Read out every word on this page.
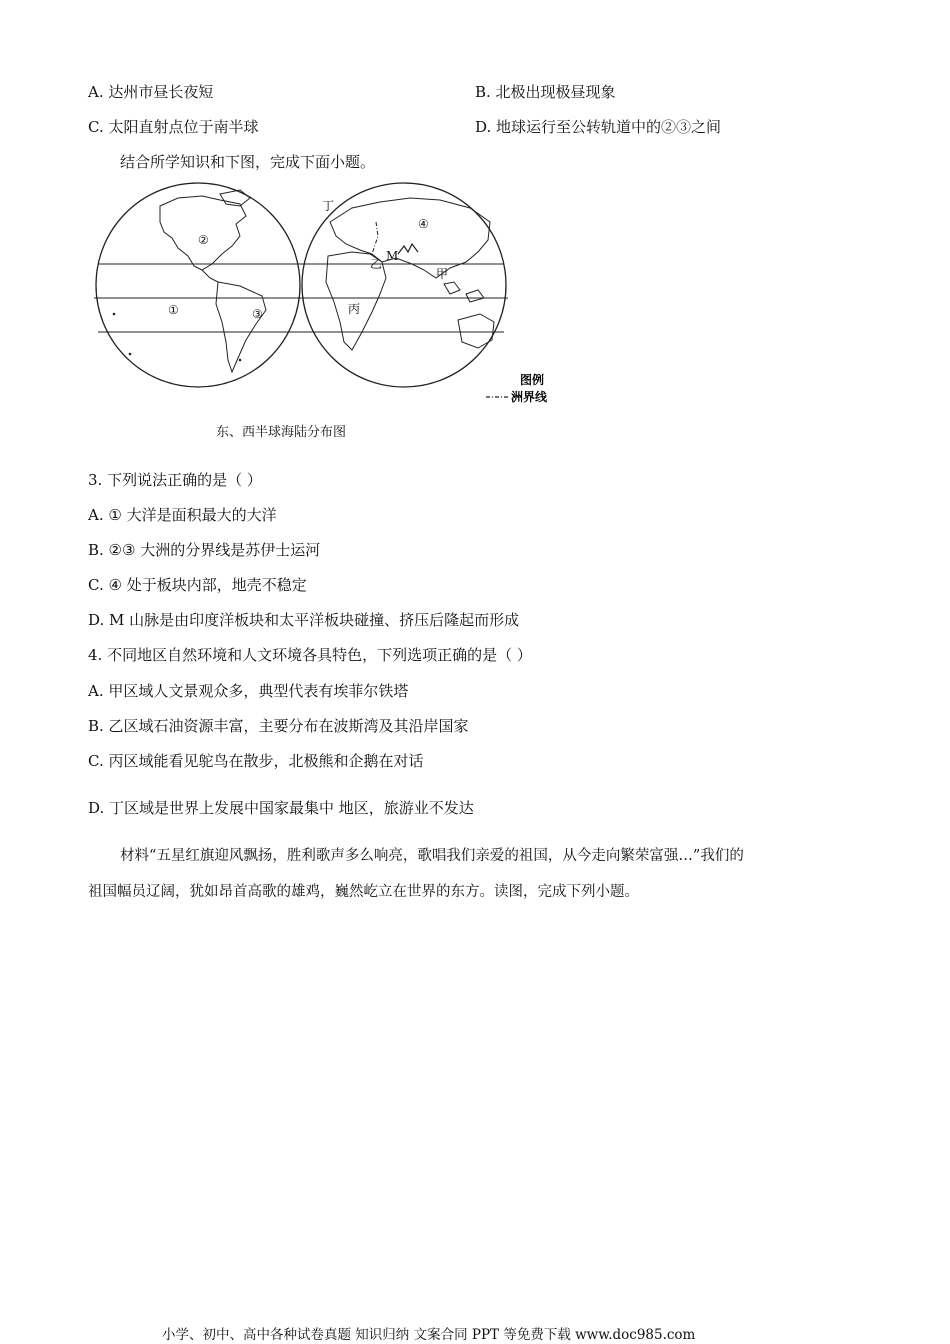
A. 达州市昼长夜短	B. 北极出现极昼现象
C. 太阳直射点位于南半球	D. 地球运行至公转轨道中的②③之间
结合所学知识和下图，完成下面小题。
丁
④
②
乙
M
甲
①	③	丙
图例
洲界线
东、西半球海陆分布图
3. 下列说法正确的是（ ）
A. ① 大洋是面积最大的大洋
B. ②③ 大洲的分界线是苏伊士运河
C. ④ 处于板块内部，地壳不稳定
D. M 山脉是由印度洋板块和太平洋板块碰撞、挤压后隆起而形成
4. 不同地区自然环境和人文环境各具特色，下列选项正确的是（ ）
A. 甲区域人文景观众多，典型代表有埃菲尔铁塔
B. 乙区域石油资源丰富，主要分布在波斯湾及其沿岸国家
C. 丙区域能看见鸵鸟在散步，北极熊和企鹅在对话
D. 丁区域是世界上发展中国家最集中 地区，旅游业不发达
材料“五星红旗迎风飘扬，胜利歌声多么响亮，歌唱我们亲爱的祖国，从今走向繁荣富强…”我们的
祖国幅员辽阔，犹如昂首高歌的雄鸡，巍然屹立在世界的东方。读图，完成下列小题。
小学、初中、高中各种试卷真题 知识归纳 文案合同 PPT 等免费下载 www.doc985.com
